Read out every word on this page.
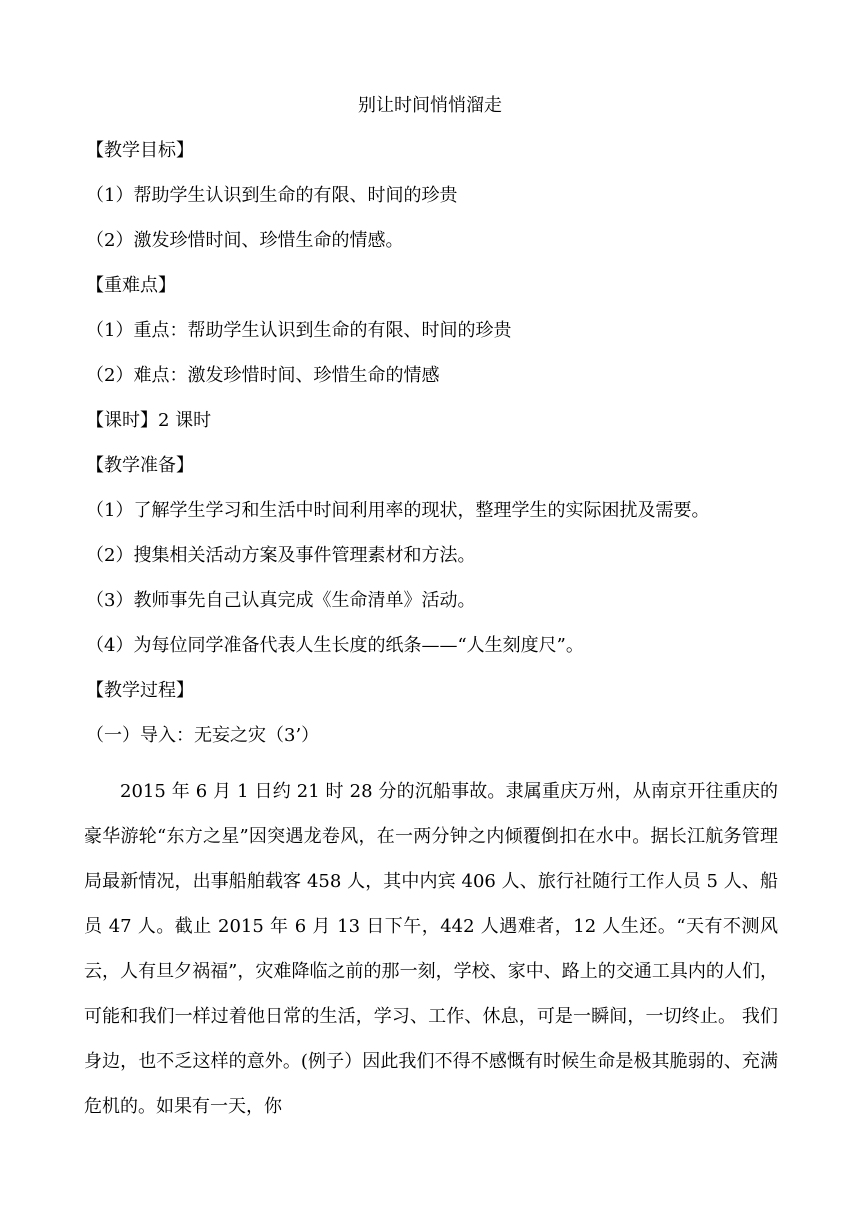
别让时间悄悄溜走
【教学目标】
（1）帮助学生认识到生命的有限、时间的珍贵
（2）激发珍惜时间、珍惜生命的情感。
【重难点】
（1）重点：帮助学生认识到生命的有限、时间的珍贵
（2）难点：激发珍惜时间、珍惜生命的情感
【课时】2 课时
【教学准备】
（1）了解学生学习和生活中时间利用率的现状，整理学生的实际困扰及需要。
（2）搜集相关活动方案及事件管理素材和方法。
（3）教师事先自己认真完成《生命清单》活动。
（4）为每位同学准备代表人生长度的纸条——“人生刻度尺”。
【教学过程】
（一）导入：无妄之灾（3’）
2015 年 6 月 1 日约 21 时 28 分的沉船事故。隶属重庆万州，从南京开往重庆的豪华游轮“东方之星”因突遇龙卷风，在一两分钟之内倾覆倒扣在水中。据长江航务管理局最新情况，出事船舶载客 458 人，其中内宾 406 人、旅行社随行工作人员 5 人、船员 47 人。截止 2015 年 6 月 13 日下午，442 人遇难者，12 人生还。“天有不测风云，人有旦夕祸福”，灾难降临之前的那一刻，学校、家中、路上的交通工具内的人们，可能和我们一样过着他日常的生活，学习、工作、休息，可是一瞬间，一切终止。 我们身边，也不乏这样的意外。(例子）因此我们不得不感慨有时候生命是极其脆弱的、充满危机的。如果有一天，你
